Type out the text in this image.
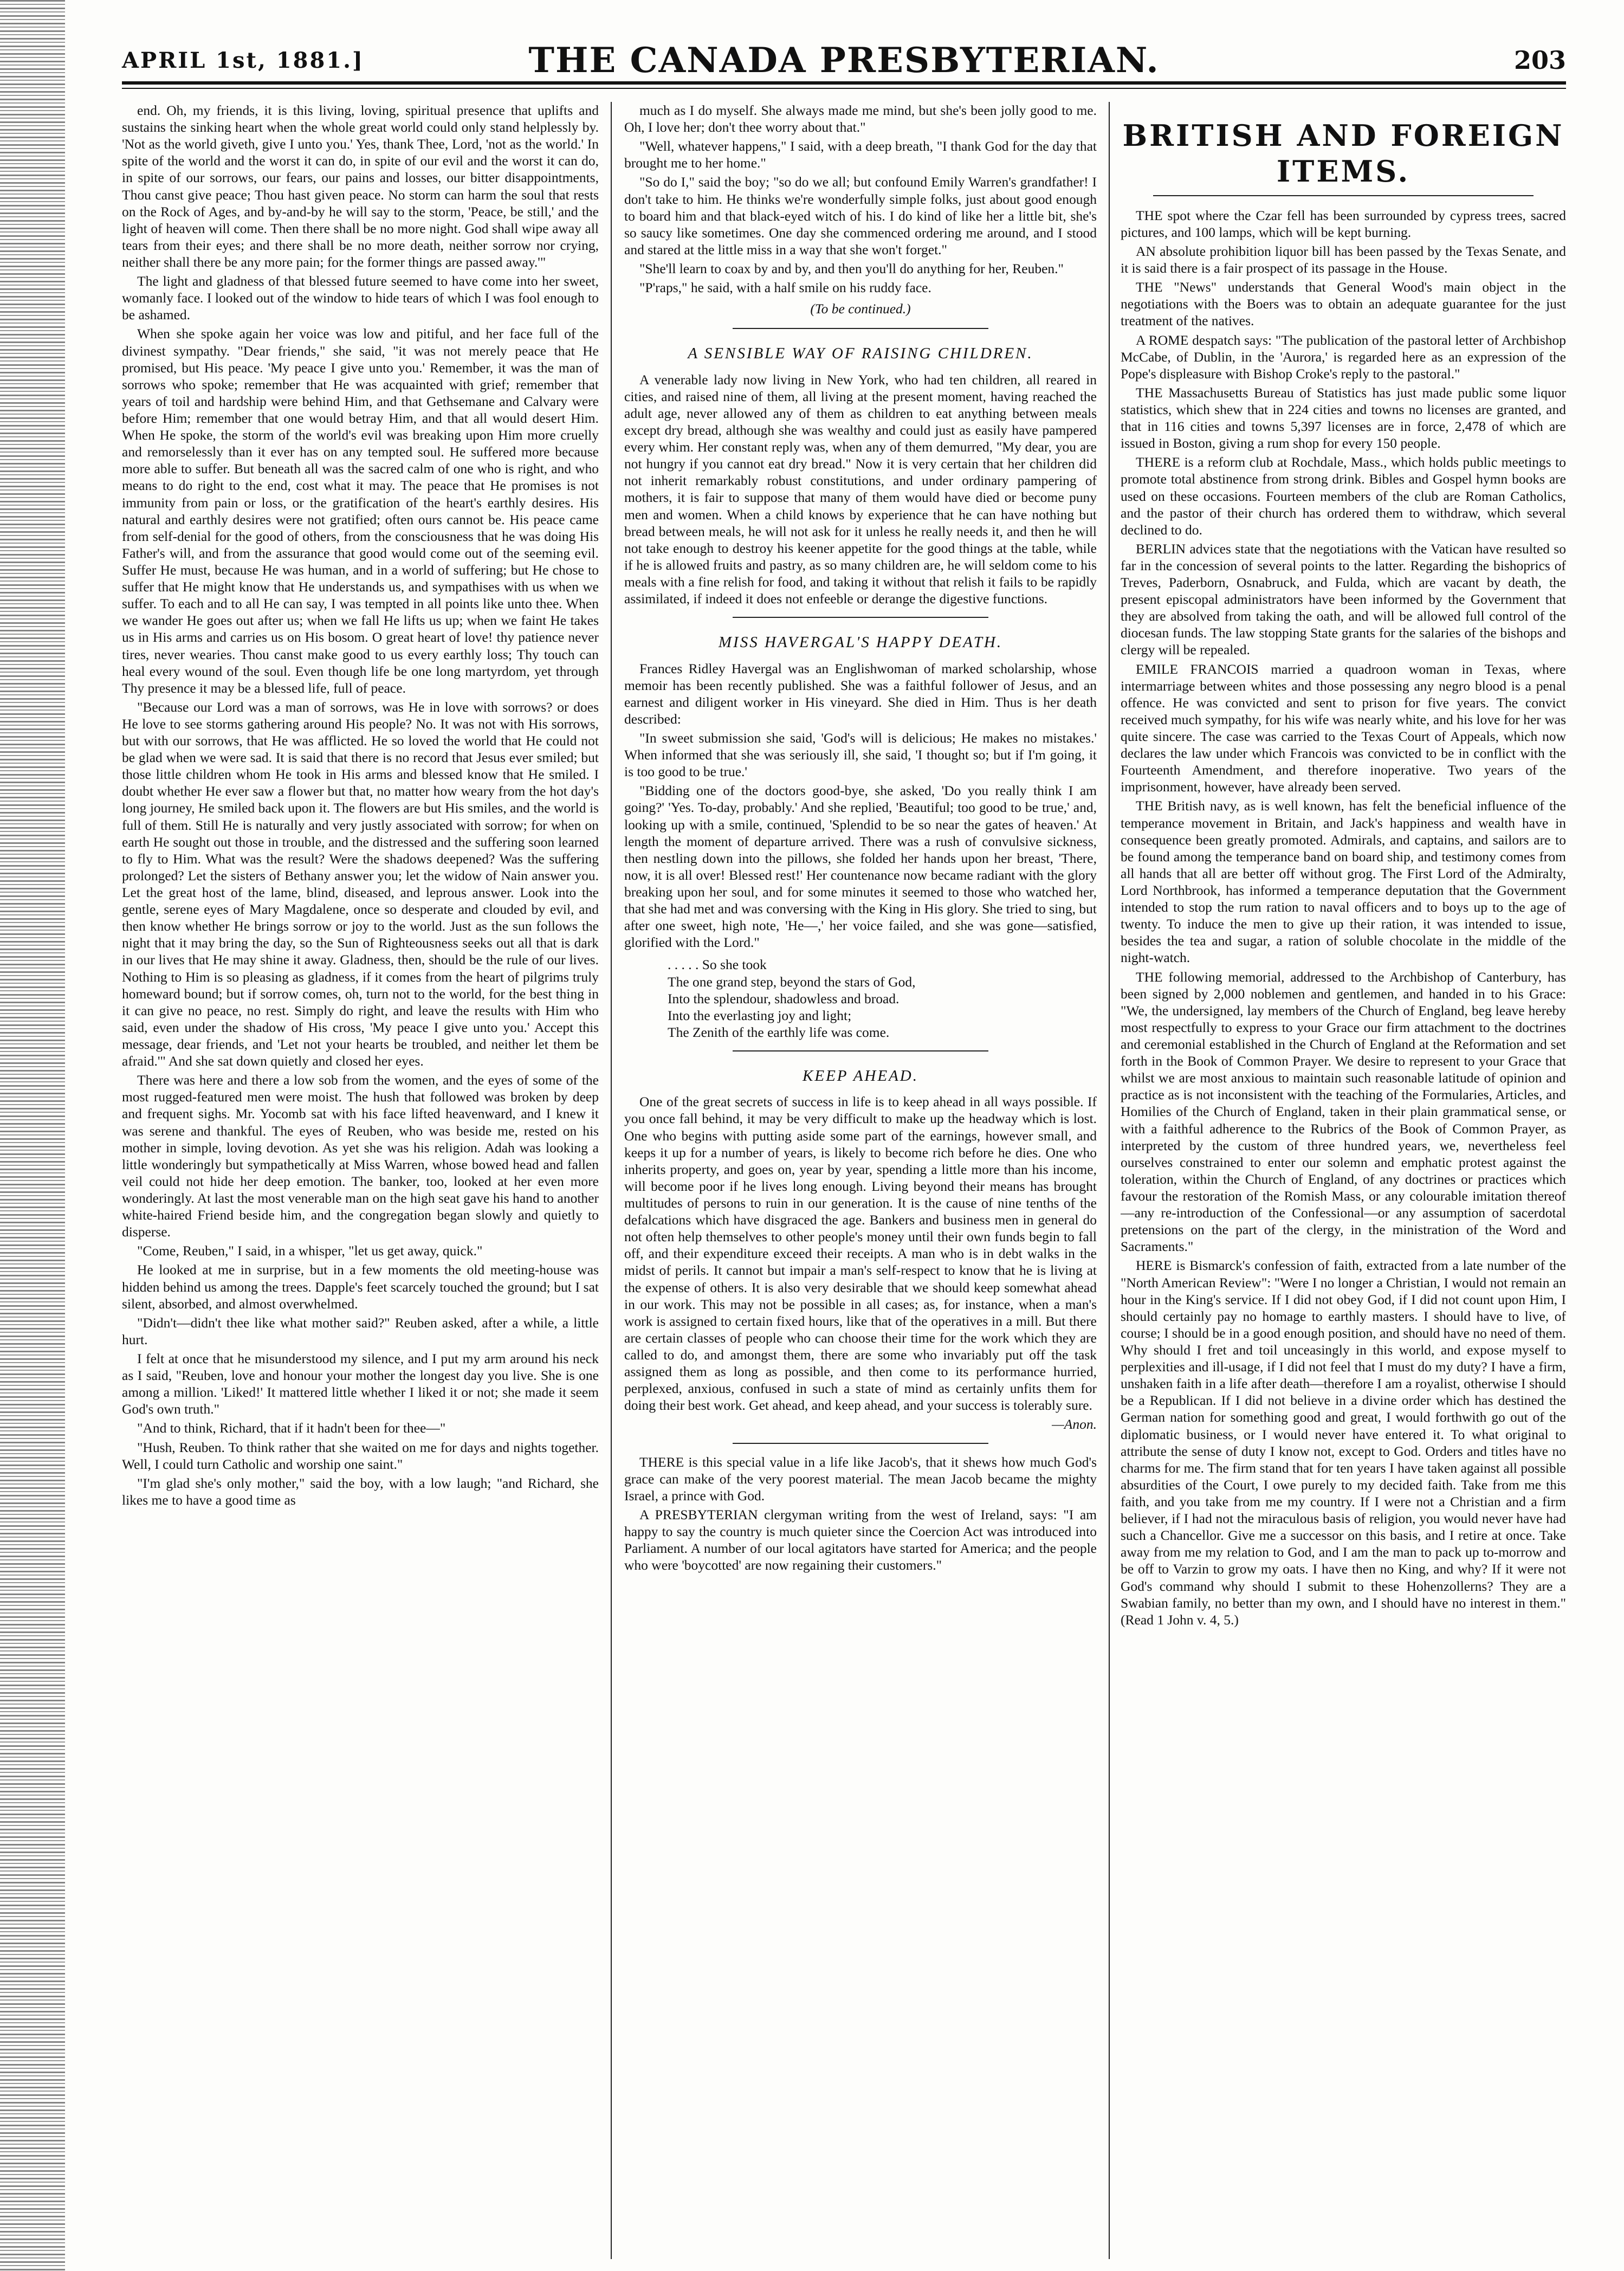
APRIL 1st, 1881.]	THE CANADA PRESBYTERIAN.	203

end. Oh, my friends, it is this living, loving, spiritual presence that uplifts and sustains the sinking heart when the whole great world could only stand helplessly by. 'Not as the world giveth, give I unto you.' Yes, thank Thee, Lord, 'not as the world.' In spite of the world and the worst it can do, in spite of our evil and the worst it can do, in spite of our sorrows, our fears, our pains and losses, our bitter disappointments, Thou canst give peace; Thou hast given peace. No storm can harm the soul that rests on the Rock of Ages, and by-and-by he will say to the storm, 'Peace, be still,' and the light of heaven will come. Then there shall be no more night. God shall wipe away all tears from their eyes; and there shall be no more death, neither sorrow nor crying, neither shall there be any more pain; for the former things are passed away.'"

The light and gladness of that blessed future seemed to have come into her sweet, womanly face. I looked out of the window to hide tears of which I was fool enough to be ashamed.

When she spoke again her voice was low and pitiful, and her face full of the divinest sympathy. "Dear friends," she said, "it was not merely peace that He promised, but His peace. 'My peace I give unto you.' Remember, it was the man of sorrows who spoke; remember that He was acquainted with grief; remember that years of toil and hardship were behind Him, and that Gethsemane and Calvary were before Him; remember that one would betray Him, and that all would desert Him. When He spoke, the storm of the world's evil was breaking upon Him more cruelly and remorselessly than it ever has on any tempted soul. He suffered more because more able to suffer. But beneath all was the sacred calm of one who is right, and who means to do right to the end, cost what it may. The peace that He promises is not immunity from pain or loss, or the gratification of the heart's earthly desires. His natural and earthly desires were not gratified; often ours cannot be. His peace came from self-denial for the good of others, from the consciousness that he was doing His Father's will, and from the assurance that good would come out of the seeming evil. Suffer He must, because He was human, and in a world of suffering; but He chose to suffer that He might know that He understands us, and sympathises with us when we suffer. To each and to all He can say, I was tempted in all points like unto thee. When we wander He goes out after us; when we fall He lifts us up; when we faint He takes us in His arms and carries us on His bosom. O great heart of love! thy patience never tires, never wearies. Thou canst make good to us every earthly loss; Thy touch can heal every wound of the soul. Even though life be one long martyrdom, yet through Thy presence it may be a blessed life, full of peace.

"Because our Lord was a man of sorrows, was He in love with sorrows? or does He love to see storms gathering around His people? No. It was not with His sorrows, but with our sorrows, that He was afflicted. He so loved the world that He could not be glad when we were sad. It is said that there is no record that Jesus ever smiled; but those little children whom He took in His arms and blessed know that He smiled. I doubt whether He ever saw a flower but that, no matter how weary from the hot day's long journey, He smiled back upon it. The flowers are but His smiles, and the world is full of them. Still He is naturally and very justly associated with sorrow; for when on earth He sought out those in trouble, and the distressed and the suffering soon learned to fly to Him. What was the result? Were the shadows deepened? Was the suffering prolonged? Let the sisters of Bethany answer you; let the widow of Nain answer you. Let the great host of the lame, blind, diseased, and leprous answer. Look into the gentle, serene eyes of Mary Magdalene, once so desperate and clouded by evil, and then know whether He brings sorrow or joy to the world. Just as the sun follows the night that it may bring the day, so the Sun of Righteousness seeks out all that is dark in our lives that He may shine it away. Gladness, then, should be the rule of our lives. Nothing to Him is so pleasing as gladness, if it comes from the heart of pilgrims truly homeward bound; but if sorrow comes, oh, turn not to the world, for the best thing in it can give no peace, no rest. Simply do right, and leave the results with Him who said, even under the shadow of His cross, 'My peace I give unto you.' Accept this message, dear friends, and 'Let not your hearts be troubled, and neither let them be afraid.'" And she sat down quietly and closed her eyes.

There was here and there a low sob from the women, and the eyes of some of the most rugged-featured men were moist. The hush that followed was broken by deep and frequent sighs. Mr. Yocomb sat with his face lifted heavenward, and I knew it was serene and thankful. The eyes of Reuben, who was beside me, rested on his mother in simple, loving devotion. As yet she was his religion. Adah was looking a little wonderingly but sympathetically at Miss Warren, whose bowed head and fallen veil could not hide her deep emotion. The banker, too, looked at her even more wonderingly. At last the most venerable man on the high seat gave his hand to another white-haired Friend beside him, and the congregation began slowly and quietly to disperse.

"Come, Reuben," I said, in a whisper, "let us get away, quick."

He looked at me in surprise, but in a few moments the old meeting-house was hidden behind us among the trees. Dapple's feet scarcely touched the ground; but I sat silent, absorbed, and almost overwhelmed.

"Didn't—didn't thee like what mother said?" Reuben asked, after a while, a little hurt.

I felt at once that he misunderstood my silence, and I put my arm around his neck as I said, "Reuben, love and honour your mother the longest day you live. She is one among a million. 'Liked!' It mattered little whether I liked it or not; she made it seem God's own truth."

"And to think, Richard, that if it hadn't been for thee—"

"Hush, Reuben. To think rather that she waited on me for days and nights together. Well, I could turn Catholic and worship one saint."

"I'm glad she's only mother," said the boy, with a low laugh; "and Richard, she likes me to have a good time as

much as I do myself. She always made me mind, but she's been jolly good to me. Oh, I love her; don't thee worry about that."

"Well, whatever happens," I said, with a deep breath, "I thank God for the day that brought me to her home."

"So do I," said the boy; "so do we all; but confound Emily Warren's grandfather! I don't take to him. He thinks we're wonderfully simple folks, just about good enough to board him and that black-eyed witch of his. I do kind of like her a little bit, she's so saucy like sometimes. One day she commenced ordering me around, and I stood and stared at the little miss in a way that she won't forget."

"She'll learn to coax by and by, and then you'll do anything for her, Reuben."

"P'raps," he said, with a half smile on his ruddy face.

(To be continued.)

A SENSIBLE WAY OF RAISING CHILDREN.

A venerable lady now living in New York, who had ten children, all reared in cities, and raised nine of them, all living at the present moment, having reached the adult age, never allowed any of them as children to eat anything between meals except dry bread, although she was wealthy and could just as easily have pampered every whim. Her constant reply was, when any of them demurred, "My dear, you are not hungry if you cannot eat dry bread." Now it is very certain that her children did not inherit remarkably robust constitutions, and under ordinary pampering of mothers, it is fair to suppose that many of them would have died or become puny men and women. When a child knows by experience that he can have nothing but bread between meals, he will not ask for it unless he really needs it, and then he will not take enough to destroy his keener appetite for the good things at the table, while if he is allowed fruits and pastry, as so many children are, he will seldom come to his meals with a fine relish for food, and taking it without that relish it fails to be rapidly assimilated, if indeed it does not enfeeble or derange the digestive functions.

MISS HAVERGAL'S HAPPY DEATH.

Frances Ridley Havergal was an Englishwoman of marked scholarship, whose memoir has been recently published. She was a faithful follower of Jesus, and an earnest and diligent worker in His vineyard. She died in Him. Thus is her death described:

"In sweet submission she said, 'God's will is delicious; He makes no mistakes.' When informed that she was seriously ill, she said, 'I thought so; but if I'm going, it is too good to be true.'

"Bidding one of the doctors good-bye, she asked, 'Do you really think I am going?' 'Yes. To-day, probably.' And she replied, 'Beautiful; too good to be true,' and, looking up with a smile, continued, 'Splendid to be so near the gates of heaven.' At length the moment of departure arrived. There was a rush of convulsive sickness, then nestling down into the pillows, she folded her hands upon her breast, 'There, now, it is all over! Blessed rest!' Her countenance now became radiant with the glory breaking upon her soul, and for some minutes it seemed to those who watched her, that she had met and was conversing with the King in His glory. She tried to sing, but after one sweet, high note, 'He—,' her voice failed, and she was gone—satisfied, glorified with the Lord."

. . . . . So she took
The one grand step, beyond the stars of God,
Into the splendour, shadowless and broad.
Into the everlasting joy and light;
The Zenith of the earthly life was come.

KEEP AHEAD.

One of the great secrets of success in life is to keep ahead in all ways possible. If you once fall behind, it may be very difficult to make up the headway which is lost. One who begins with putting aside some part of the earnings, however small, and keeps it up for a number of years, is likely to become rich before he dies. One who inherits property, and goes on, year by year, spending a little more than his income, will become poor if he lives long enough. Living beyond their means has brought multitudes of persons to ruin in our generation. It is the cause of nine tenths of the defalcations which have disgraced the age. Bankers and business men in general do not often help themselves to other people's money until their own funds begin to fall off, and their expenditure exceed their receipts. A man who is in debt walks in the midst of perils. It cannot but impair a man's self-respect to know that he is living at the expense of others. It is also very desirable that we should keep somewhat ahead in our work. This may not be possible in all cases; as, for instance, when a man's work is assigned to certain fixed hours, like that of the operatives in a mill. But there are certain classes of people who can choose their time for the work which they are called to do, and amongst them, there are some who invariably put off the task assigned them as long as possible, and then come to its performance hurried, perplexed, anxious, confused in such a state of mind as certainly unfits them for doing their best work. Get ahead, and keep ahead, and your success is tolerably sure.

—Anon.

THERE is this special value in a life like Jacob's, that it shews how much God's grace can make of the very poorest material. The mean Jacob became the mighty Israel, a prince with God.

A PRESBYTERIAN clergyman writing from the west of Ireland, says: "I am happy to say the country is much quieter since the Coercion Act was introduced into Parliament. A number of our local agitators have started for America; and the people who were 'boycotted' are now regaining their customers."

BRITISH AND FOREIGN ITEMS.

THE spot where the Czar fell has been surrounded by cypress trees, sacred pictures, and 100 lamps, which will be kept burning.

AN absolute prohibition liquor bill has been passed by the Texas Senate, and it is said there is a fair prospect of its passage in the House.

THE "News" understands that General Wood's main object in the negotiations with the Boers was to obtain an adequate guarantee for the just treatment of the natives.

A ROME despatch says: "The publication of the pastoral letter of Archbishop McCabe, of Dublin, in the 'Aurora,' is regarded here as an expression of the Pope's displeasure with Bishop Croke's reply to the pastoral."

THE Massachusetts Bureau of Statistics has just made public some liquor statistics, which shew that in 224 cities and towns no licenses are granted, and that in 116 cities and towns 5,397 licenses are in force, 2,478 of which are issued in Boston, giving a rum shop for every 150 people.

THERE is a reform club at Rochdale, Mass., which holds public meetings to promote total abstinence from strong drink. Bibles and Gospel hymn books are used on these occasions. Fourteen members of the club are Roman Catholics, and the pastor of their church has ordered them to withdraw, which several declined to do.

BERLIN advices state that the negotiations with the Vatican have resulted so far in the concession of several points to the latter. Regarding the bishoprics of Treves, Paderborn, Osnabruck, and Fulda, which are vacant by death, the present episcopal administrators have been informed by the Government that they are absolved from taking the oath, and will be allowed full control of the diocesan funds. The law stopping State grants for the salaries of the bishops and clergy will be repealed.

EMILE FRANCOIS married a quadroon woman in Texas, where intermarriage between whites and those possessing any negro blood is a penal offence. He was convicted and sent to prison for five years. The convict received much sympathy, for his wife was nearly white, and his love for her was quite sincere. The case was carried to the Texas Court of Appeals, which now declares the law under which Francois was convicted to be in conflict with the Fourteenth Amendment, and therefore inoperative. Two years of the imprisonment, however, have already been served.

THE British navy, as is well known, has felt the beneficial influence of the temperance movement in Britain, and Jack's happiness and wealth have in consequence been greatly promoted. Admirals, and captains, and sailors are to be found among the temperance band on board ship, and testimony comes from all hands that all are better off without grog. The First Lord of the Admiralty, Lord Northbrook, has informed a temperance deputation that the Government intended to stop the rum ration to naval officers and to boys up to the age of twenty. To induce the men to give up their ration, it was intended to issue, besides the tea and sugar, a ration of soluble chocolate in the middle of the night-watch.

THE following memorial, addressed to the Archbishop of Canterbury, has been signed by 2,000 noblemen and gentlemen, and handed in to his Grace: "We, the undersigned, lay members of the Church of England, beg leave hereby most respectfully to express to your Grace our firm attachment to the doctrines and ceremonial established in the Church of England at the Reformation and set forth in the Book of Common Prayer. We desire to represent to your Grace that whilst we are most anxious to maintain such reasonable latitude of opinion and practice as is not inconsistent with the teaching of the Formularies, Articles, and Homilies of the Church of England, taken in their plain grammatical sense, or with a faithful adherence to the Rubrics of the Book of Common Prayer, as interpreted by the custom of three hundred years, we, nevertheless feel ourselves constrained to enter our solemn and emphatic protest against the toleration, within the Church of England, of any doctrines or practices which favour the restoration of the Romish Mass, or any colourable imitation thereof—any re-introduction of the Confessional—or any assumption of sacerdotal pretensions on the part of the clergy, in the ministration of the Word and Sacraments."

HERE is Bismarck's confession of faith, extracted from a late number of the "North American Review": "Were I no longer a Christian, I would not remain an hour in the King's service. If I did not obey God, if I did not count upon Him, I should certainly pay no homage to earthly masters. I should have to live, of course; I should be in a good enough position, and should have no need of them. Why should I fret and toil unceasingly in this world, and expose myself to perplexities and ill-usage, if I did not feel that I must do my duty? I have a firm, unshaken faith in a life after death—therefore I am a royalist, otherwise I should be a Republican. If I did not believe in a divine order which has destined the German nation for something good and great, I would forthwith go out of the diplomatic business, or I would never have entered it. To what original to attribute the sense of duty I know not, except to God. Orders and titles have no charms for me. The firm stand that for ten years I have taken against all possible absurdities of the Court, I owe purely to my decided faith. Take from me this faith, and you take from me my country. If I were not a Christian and a firm believer, if I had not the miraculous basis of religion, you would never have had such a Chancellor. Give me a successor on this basis, and I retire at once. Take away from me my relation to God, and I am the man to pack up to-morrow and be off to Varzin to grow my oats. I have then no King, and why? If it were not God's command why should I submit to these Hohenzollerns? They are a Swabian family, no better than my own, and I should have no interest in them." (Read 1 John v. 4, 5.)
